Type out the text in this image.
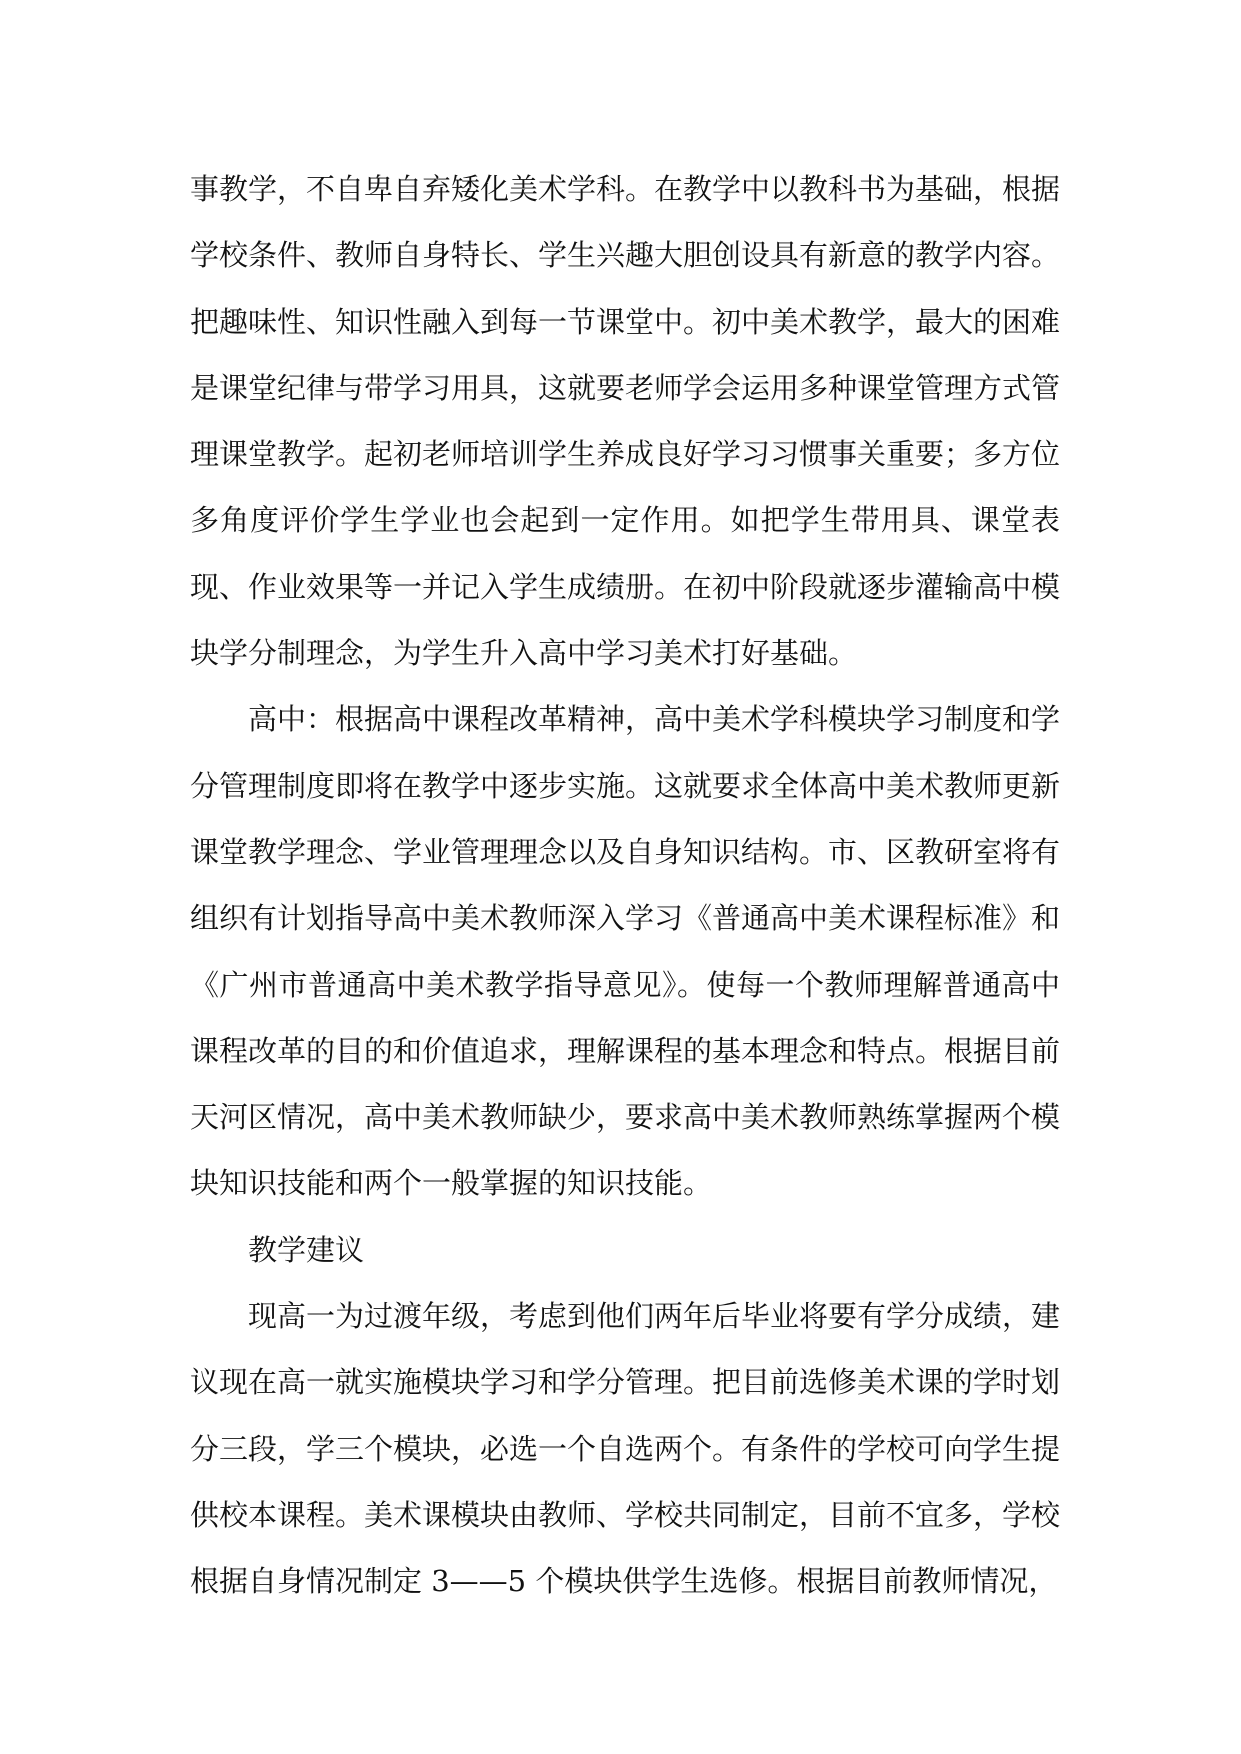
事教学，不自卑自弃矮化美术学科。在教学中以教科书为基础，根据学校条件、教师自身特长、学生兴趣大胆创设具有新意的教学内容。把趣味性、知识性融入到每一节课堂中。初中美术教学，最大的困难是课堂纪律与带学习用具，这就要老师学会运用多种课堂管理方式管理课堂教学。起初老师培训学生养成良好学习习惯事关重要；多方位多角度评价学生学业也会起到一定作用。如把学生带用具、课堂表现、作业效果等一并记入学生成绩册。在初中阶段就逐步灌输高中模块学分制理念，为学生升入高中学习美术打好基础。

高中：根据高中课程改革精神，高中美术学科模块学习制度和学分管理制度即将在教学中逐步实施。这就要求全体高中美术教师更新课堂教学理念、学业管理理念以及自身知识结构。市、区教研室将有组织有计划指导高中美术教师深入学习《普通高中美术课程标准》和《广州市普通高中美术教学指导意见》。使每一个教师理解普通高中课程改革的目的和价值追求，理解课程的基本理念和特点。根据目前天河区情况，高中美术教师缺少，要求高中美术教师熟练掌握两个模块知识技能和两个一般掌握的知识技能。

教学建议

现高一为过渡年级，考虑到他们两年后毕业将要有学分成绩，建议现在高一就实施模块学习和学分管理。把目前选修美术课的学时划分三段，学三个模块，必选一个自选两个。有条件的学校可向学生提供校本课程。美术课模块由教师、学校共同制定，目前不宜多，学校根据自身情况制定 3——5 个模块供学生选修。根据目前教师情况，
